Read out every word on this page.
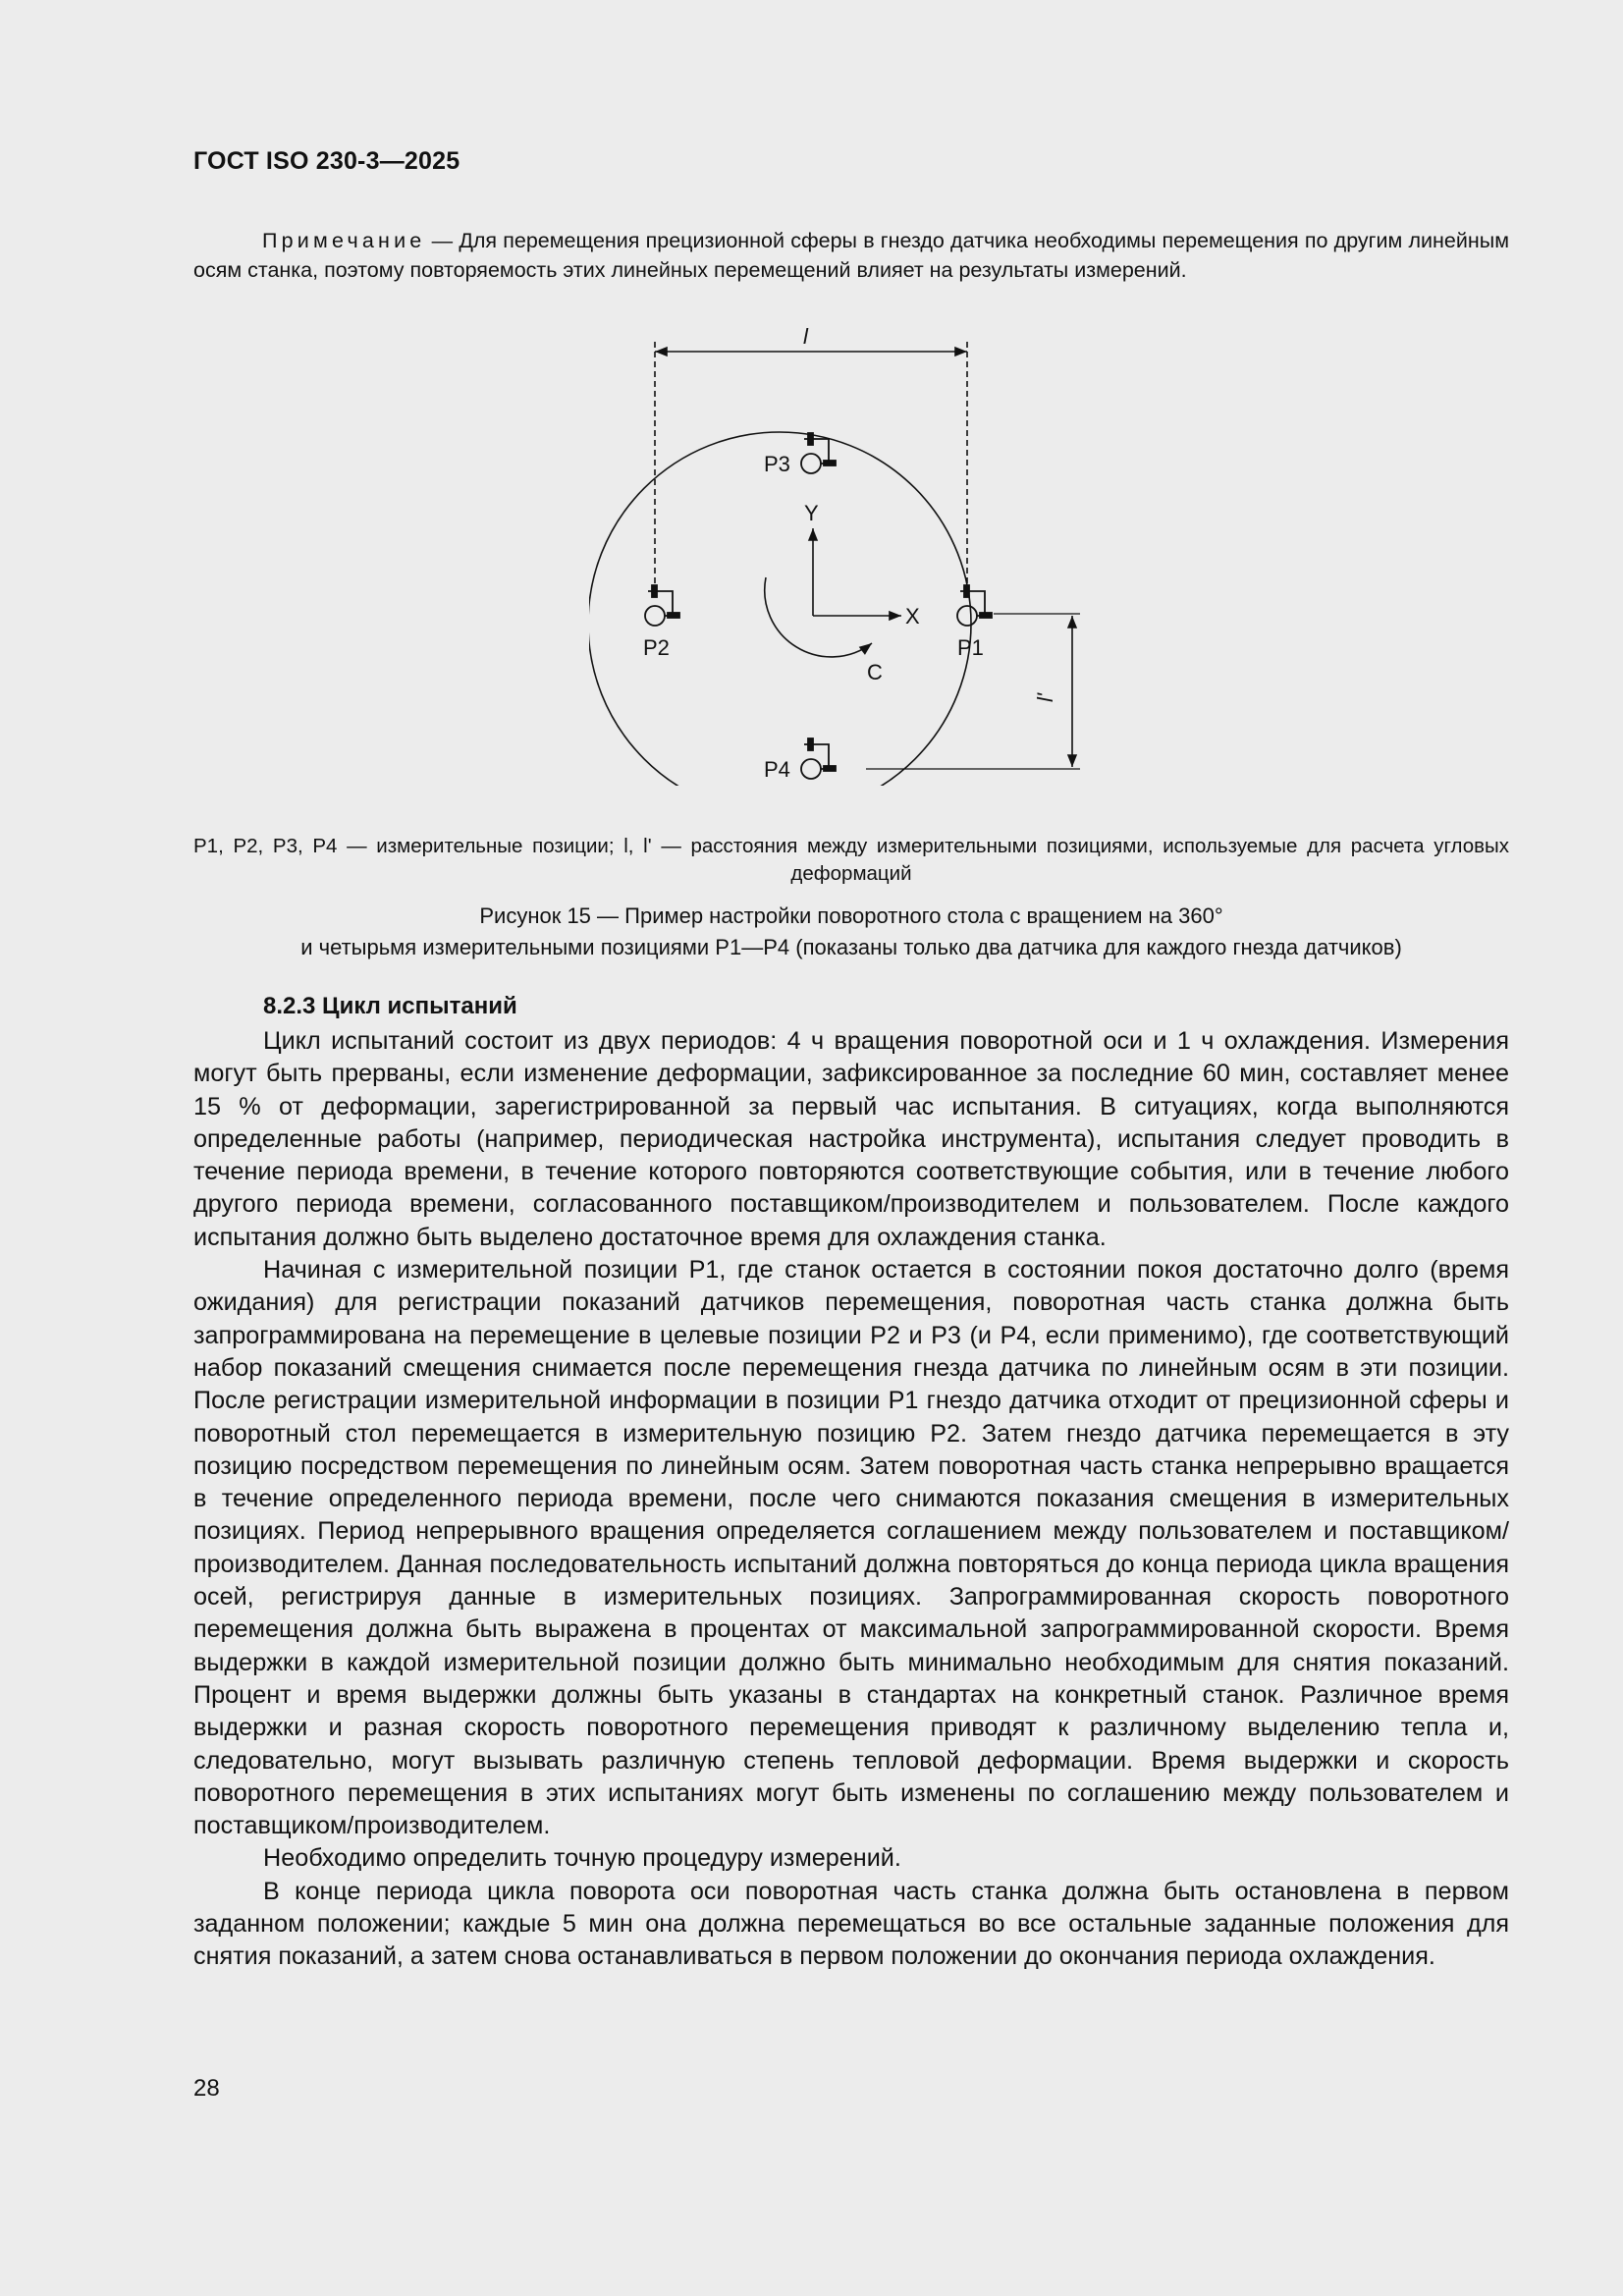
ГОСТ ISO 230-3—2025
Примечание — Для перемещения прецизионной сферы в гнездо датчика необходимы перемещения по другим линейным осям станка, поэтому повторяемость этих линейных перемещений влияет на результаты измерений.
l
l'
Y
X
C
P1
P2
P3
P4
P1, P2, P3, P4 — измерительные позиции; l, l' — расстояния между измерительными позициями, используемые для расчета угловых деформаций
Рисунок 15 — Пример настройки поворотного стола с вращением на 360°
и четырьмя измерительными позициями P1—P4 (показаны только два датчика для каждого гнезда датчиков)
8.2.3 Цикл испытаний

Цикл испытаний состоит из двух периодов: 4 ч вращения поворотной оси и 1 ч охлаждения. Измерения могут быть прерваны, если изменение деформации, зафиксированное за последние 60 мин, составляет менее 15 % от деформации, зарегистрированной за первый час испытания. В ситуациях, когда выполняются определенные работы (например, периодическая настройка инструмента), испытания следует проводить в течение периода времени, в течение которого повторяются соответствующие события, или в течение любого другого периода времени, согласованного поставщиком/производителем и пользователем. После каждого испытания должно быть выделено достаточное время для охлаждения станка.

Начиная с измерительной позиции P1, где станок остается в состоянии покоя достаточно долго (время ожидания) для регистрации показаний датчиков перемещения, поворотная часть станка должна быть запрограммирована на перемещение в целевые позиции P2 и P3 (и P4, если применимо), где соответствующий набор показаний смещения снимается после перемещения гнезда датчика по линейным осям в эти позиции. После регистрации измерительной информации в позиции P1 гнездо датчика отходит от прецизионной сферы и поворотный стол перемещается в измерительную позицию P2. Затем гнездо датчика перемещается в эту позицию посредством перемещения по линейным осям. Затем поворотная часть станка непрерывно вращается в течение определенного периода времени, после чего снимаются показания смещения в измерительных позициях. Период непрерывного вращения определяется соглашением между пользователем и поставщиком/производителем. Данная последовательность испытаний должна повторяться до конца периода цикла вращения осей, регистрируя данные в измерительных позициях. Запрограммированная скорость поворотного перемещения должна быть выражена в процентах от максимальной запрограммированной скорости. Время выдержки в каждой измерительной позиции должно быть минимально необходимым для снятия показаний. Процент и время выдержки должны быть указаны в стандартах на конкретный станок. Различное время выдержки и разная скорость поворотного перемещения приводят к различному выделению тепла и, следовательно, могут вызывать различную степень тепловой деформации. Время выдержки и скорость поворотного перемещения в этих испытаниях могут быть изменены по соглашению между пользователем и поставщиком/производителем.

Необходимо определить точную процедуру измерений.

В конце периода цикла поворота оси поворотная часть станка должна быть остановлена в первом заданном положении; каждые 5 мин она должна перемещаться во все остальные заданные положения для снятия показаний, а затем снова останавливаться в первом положении до окончания периода охлаждения.

28
